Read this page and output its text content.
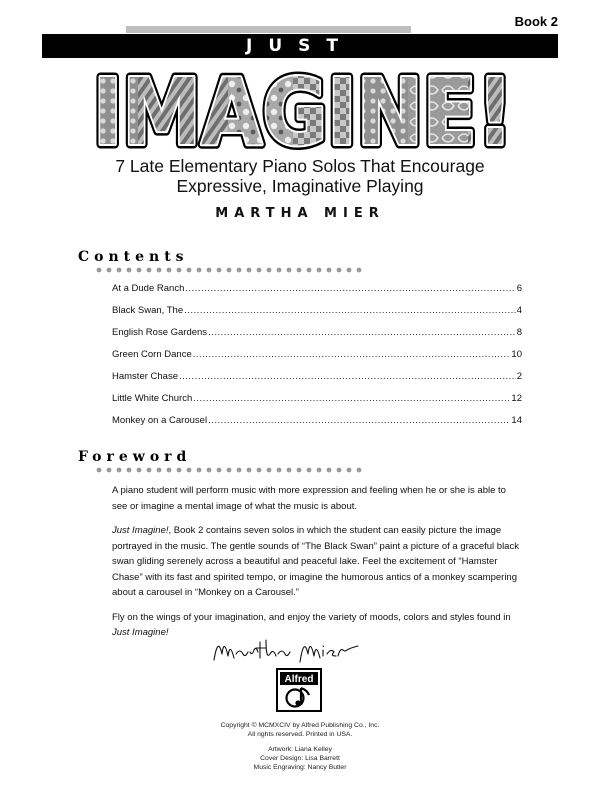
Book 2
JUST
7 Late Elementary Piano Solos That Encourage
Expressive, Imaginative Playing
MARTHA MIER
Contents
At a Dude Ranch .....	6
Black Swan, The .....	4
English Rose Gardens .....	8
Green Corn Dance .....	10
Hamster Chase .....	2
Little White Church .....	12
Monkey on a Carousel .....	14
Foreword

A piano student will perform music with more expression and feeling when he or she is able to see or imagine a mental image of what the music is about.

Just Imagine!, Book 2 contains seven solos in which the student can easily picture the image portrayed in the music. The gentle sounds of “The Black Swan” paint a picture of a graceful black swan gliding serenely across a beautiful and peaceful lake. Feel the excitement of “Hamster Chase” with its fast and spirited tempo, or imagine the humorous antics of a monkey scampering about a carousel in “Monkey on a Carousel.”

Fly on the wings of your imagination, and enjoy the variety of moods, colors and styles found in Just Imagine!

Alfred
Copyright © MCMXCIV by Alfred Publishing Co., Inc.
All rights reserved. Printed in USA.
Artwork: Liana Kelley
Cover Design: Lisa Barrett
Music Engraving: Nancy Butler
